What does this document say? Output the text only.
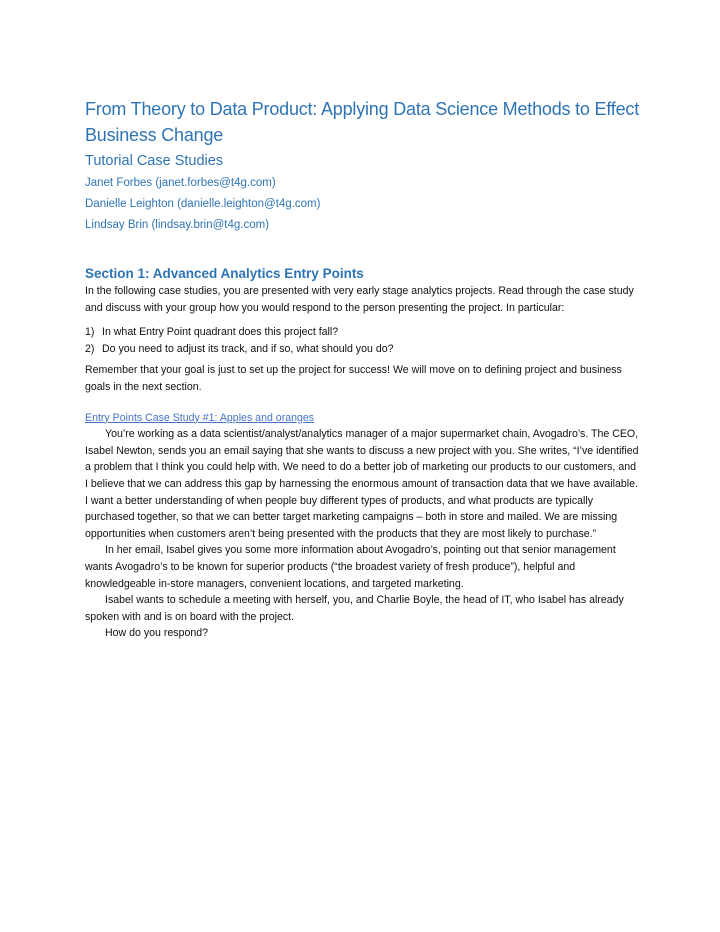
From Theory to Data Product: Applying Data Science Methods to Effect Business Change
Tutorial Case Studies
Janet Forbes (janet.forbes@t4g.com)
Danielle Leighton (danielle.leighton@t4g.com)
Lindsay Brin (lindsay.brin@t4g.com)
Section 1: Advanced Analytics Entry Points

In the following case studies, you are presented with very early stage analytics projects. Read through the case study and discuss with your group how you would respond to the person presenting the project. In particular:

1) In what Entry Point quadrant does this project fall?
2) Do you need to adjust its track, and if so, what should you do?

Remember that your goal is just to set up the project for success! We will move on to defining project and business goals in the next section.

Entry Points Case Study #1: Apples and oranges

You’re working as a data scientist/analyst/analytics manager of a major supermarket chain, Avogadro’s. The CEO, Isabel Newton, sends you an email saying that she wants to discuss a new project with you. She writes, “I’ve identified a problem that I think you could help with. We need to do a better job of marketing our products to our customers, and I believe that we can address this gap by harnessing the enormous amount of transaction data that we have available. I want a better understanding of when people buy different types of products, and what products are typically purchased together, so that we can better target marketing campaigns – both in store and mailed. We are missing opportunities when customers aren’t being presented with the products that they are most likely to purchase.”

In her email, Isabel gives you some more information about Avogadro’s, pointing out that senior management wants Avogadro’s to be known for superior products (“the broadest variety of fresh produce”), helpful and knowledgeable in-store managers, convenient locations, and targeted marketing.

Isabel wants to schedule a meeting with herself, you, and Charlie Boyle, the head of IT, who Isabel has already spoken with and is on board with the project.

How do you respond?
